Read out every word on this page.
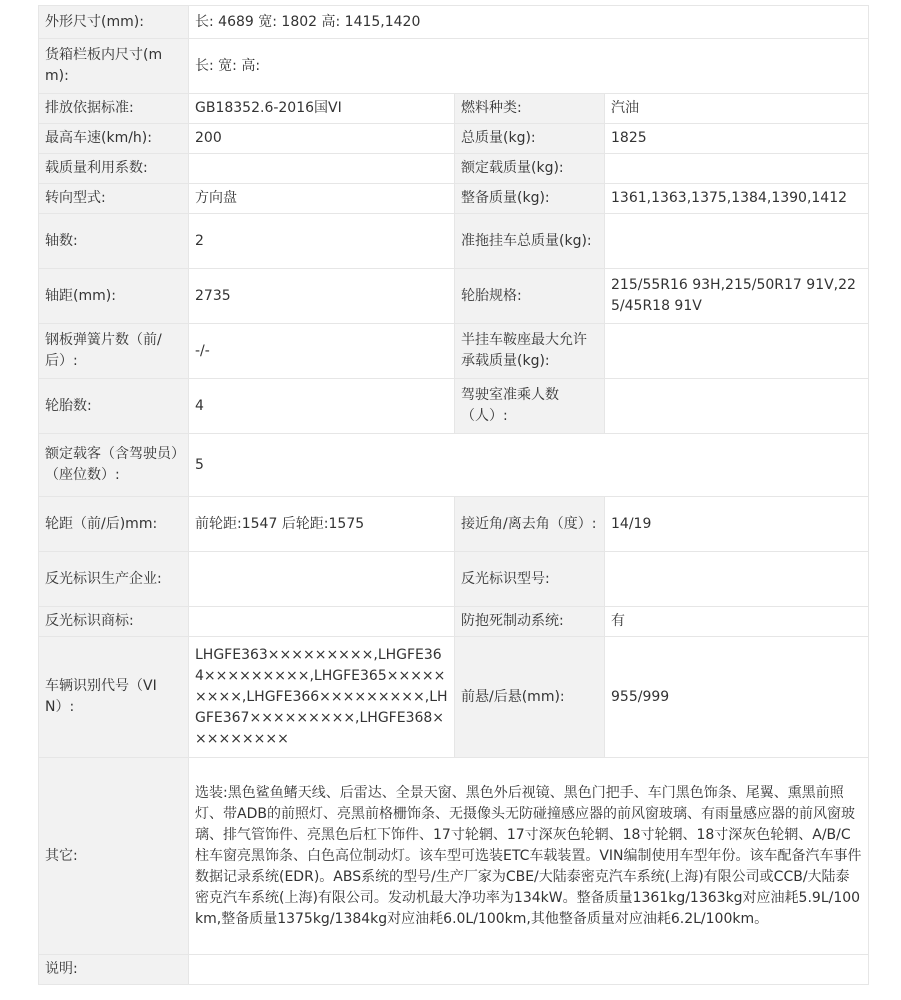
外形尺寸(mm):	长: 4689 宽: 1802 高: 1415,1420		
货箱栏板内尺寸(mm):	长: 宽: 高:		
排放依据标准:	GB18352.6-2016国VI	燃料种类:	汽油
最高车速(km/h):	200	总质量(kg):	1825
载质量利用系数:		额定载质量(kg):	
转向型式:	方向盘	整备质量(kg):	1361,1363,1375,1384,1390,1412
轴数:	2	准拖挂车总质量(kg):	
轴距(mm):	2735	轮胎规格:	215/55R16 93H,215/50R17 91V,225/45R18 91V
钢板弹簧片数（前/后）:	-/-	半挂车鞍座最大允许承载质量(kg):	
轮胎数:	4	驾驶室准乘人数（人）:	
额定载客（含驾驶员）（座位数）:	5		
轮距（前/后)mm:	前轮距:1547 后轮距:1575	接近角/离去角（度）:	14/19
反光标识生产企业:		反光标识型号:	
反光标识商标:		防抱死制动系统:	有
车辆识别代号（VIN）:	LHGFE363×××××××××,LHGFE364×××××××××,LHGFE365×××××××××,LHGFE366×××××××××,LHGFE367×××××××××,LHGFE368×××××××××	前悬/后悬(mm):	955/999
其它:	选装:黑色鲨鱼鳍天线、后雷达、全景天窗、黑色外后视镜、黑色门把手、车门黑色饰条、尾翼、熏黑前照灯、带ADB的前照灯、亮黑前格栅饰条、无摄像头无防碰撞感应器的前风窗玻璃、有雨量感应器的前风窗玻璃、排气管饰件、亮黑色后杠下饰件、17寸轮辋、17寸深灰色轮辋、18寸轮辋、18寸深灰色轮辋、A/B/C柱车窗亮黑饰条、白色高位制动灯。该车型可选装ETC车载装置。VIN编制使用车型年份。该车配备汽车事件数据记录系统(EDR)。ABS系统的型号/生产厂家为CBE/大陆泰密克汽车系统(上海)有限公司或CCB/大陆泰密克汽车系统(上海)有限公司。发动机最大净功率为134kW。整备质量1361kg/1363kg对应油耗5.9L/100km,整备质量1375kg/1384kg对应油耗6.0L/100km,其他整备质量对应油耗6.2L/100km。		
说明:			
